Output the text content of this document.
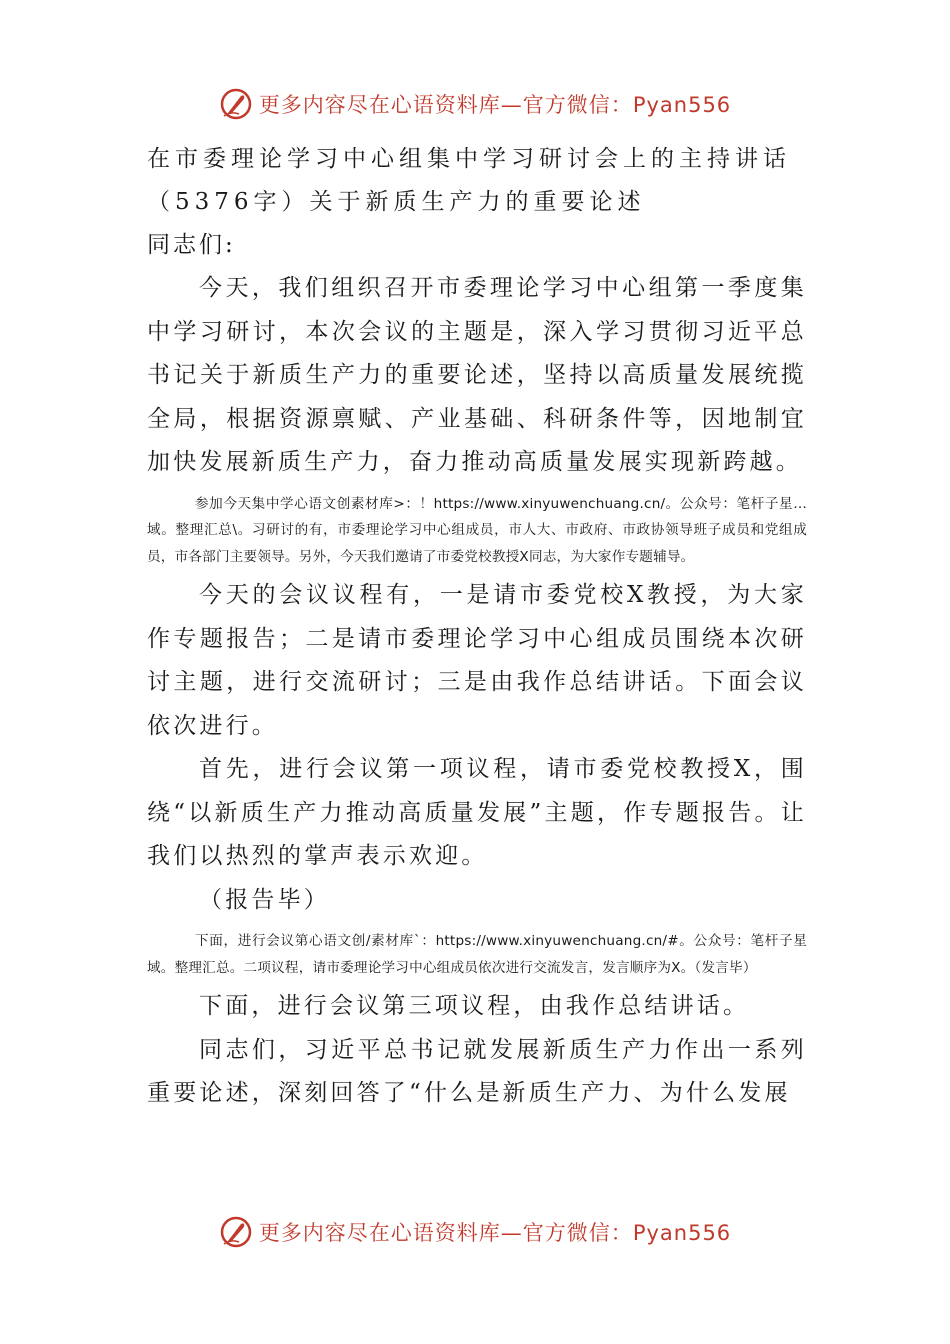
更多内容尽在心语资料库—官方微信：Pyan556

在市委理论学习中心组集中学习研讨会上的主持讲话

（5376字）关于新质生产力的重要论述

同志们:

今天，我们组织召开市委理论学习中心组第一季度集中学习研讨，本次会议的主题是，深入学习贯彻习近平总书记关于新质生产力的重要论述，坚持以高质量发展统揽全局，根据资源禀赋、产业基础、科研条件等，因地制宜加快发展新质生产力，奋力推动高质量发展实现新跨越。

参加今天集中学心语文创素材库>：！https://www.xinyuwenchuang.cn/。公众号：笔杆子星…域。整理汇总\。习研讨的有，市委理论学习中心组成员，市人大、市政府、市政协领导班子成员和党组成员，市各部门主要领导。另外，今天我们邀请了市委党校教授X同志，为大家作专题辅导。

今天的会议议程有，一是请市委党校X教授，为大家作专题报告；二是请市委理论学习中心组成员围绕本次研讨主题，进行交流研讨；三是由我作总结讲话。下面会议依次进行。

首先，进行会议第一项议程，请市委党校教授X，围绕“以新质生产力推动高质量发展”主题，作专题报告。让我们以热烈的掌声表示欢迎。

（报告毕）

下面，进行会议第心语文创/素材库`：https://www.xinyuwenchuang.cn/#。公众号：笔杆子星域。整理汇总。二项议程，请市委理论学习中心组成员依次进行交流发言，发言顺序为X。（发言毕）

下面，进行会议第三项议程，由我作总结讲话。

同志们，习近平总书记就发展新质生产力作出一系列重要论述，深刻回答了“什么是新质生产力、为什么发展

更多内容尽在心语资料库—官方微信：Pyan556
